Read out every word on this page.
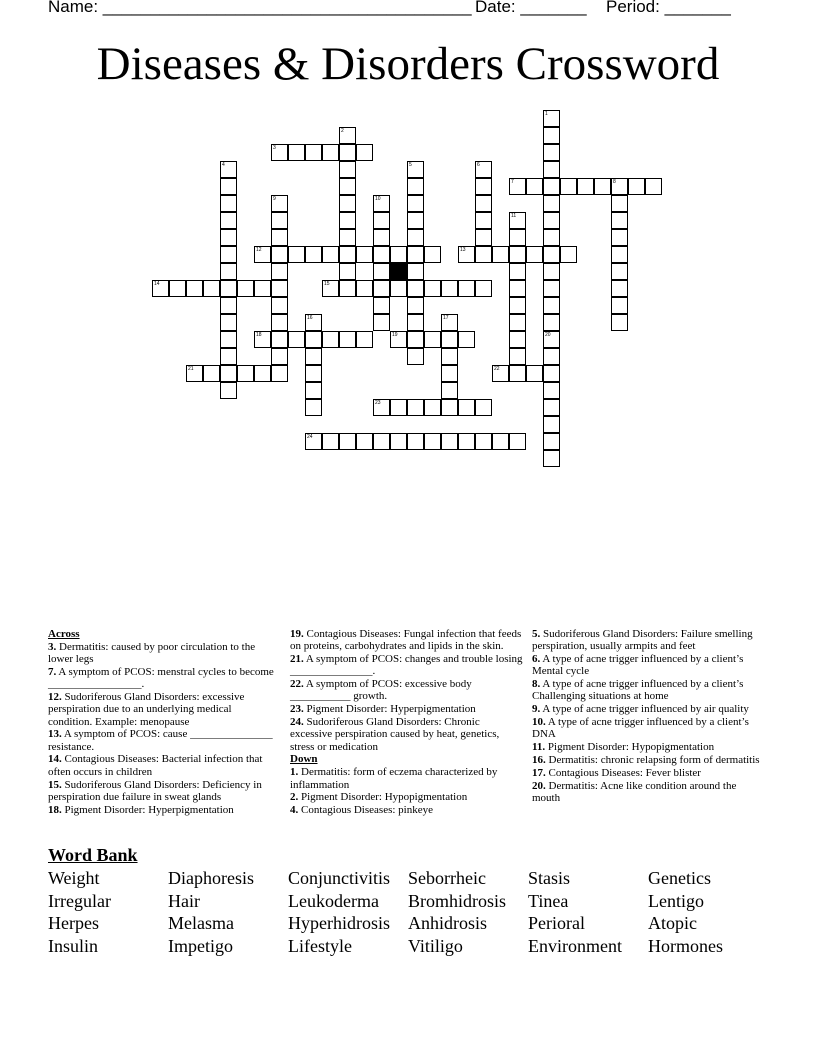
Name: _______________________________________ Date: _______ Period: _______
Diseases & Disorders Crossword
3
7	8
12	13
14	15
18	19
21	22
23
24
1
2
4	5	6
9	10
11
16	17
20
Across
3. Dermatitis: caused by poor circulation to the lower legs
7. A symptom of PCOS: menstral cycles to become _________________.
12. Sudoriferous Gland Disorders: excessive perspiration due to an underlying medical condition. Example: menopause
13. A symptom of PCOS: cause _______________ resistance.
14. Contagious Diseases: Bacterial infection that often occurs in children
15. Sudoriferous Gland Disorders: Deficiency in perspiration due failure in sweat glands
18. Pigment Disorder: Hyperpigmentation
19. Contagious Diseases: Fungal infection that feeds on proteins, carbohydrates and lipids in the skin.
21. A symptom of PCOS: changes and trouble losing _______________.
22. A symptom of PCOS: excessive body ___________ growth.
23. Pigment Disorder: Hyperpigmentation
24. Sudoriferous Gland Disorders: Chronic excessive perspiration caused by heat, genetics, stress or medication
Down
1. Dermatitis: form of eczema characterized by inflammation
2. Pigment Disorder: Hypopigmentation
4. Contagious Diseases: pinkeye
5. Sudoriferous Gland Disorders: Failure smelling perspiration, usually armpits and feet
6. A type of acne trigger influenced by a client’s Mental cycle
8. A type of acne trigger influenced by a client’s Challenging situations at home
9. A type of acne trigger influenced by air quality
10. A type of acne trigger influenced by a client’s DNA
11. Pigment Disorder: Hypopigmentation
16. Dermatitis: chronic relapsing form of dermatitis
17. Contagious Diseases: Fever blister
20. Dermatitis: Acne like condition around the mouth
Word Bank
Weight
Irregular
Herpes
Insulin
Diaphoresis
Hair
Melasma
Impetigo
Conjunctivitis
Leukoderma
Hyperhidrosis
Lifestyle
Seborrheic
Bromhidrosis
Anhidrosis
Vitiligo
Stasis
Tinea
Perioral
Environment
Genetics
Lentigo
Atopic
Hormones
